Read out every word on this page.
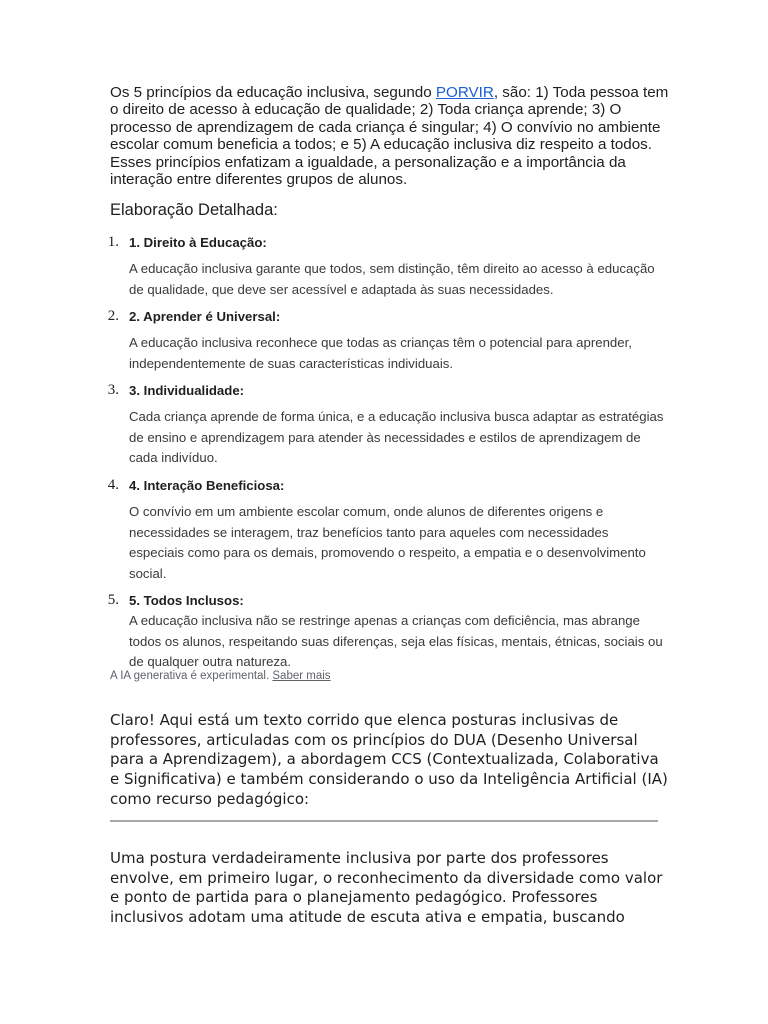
Os 5 princípios da educação inclusiva, segundo PORVIR, são: 1) Toda pessoa tem o direito de acesso à educação de qualidade; 2) Toda criança aprende; 3) O processo de aprendizagem de cada criança é singular; 4) O convívio no ambiente escolar comum beneficia a todos; e 5) A educação inclusiva diz respeito a todos. Esses princípios enfatizam a igualdade, a personalização e a importância da interação entre diferentes grupos de alunos.

Elaboração Detalhada:
1. 1. Direito à Educação:

A educação inclusiva garante que todos, sem distinção, têm direito ao acesso à educação de qualidade, que deve ser acessível e adaptada às suas necessidades.

2. 2. Aprender é Universal:

A educação inclusiva reconhece que todas as crianças têm o potencial para aprender, independentemente de suas características individuais.

3. 3. Individualidade:

Cada criança aprende de forma única, e a educação inclusiva busca adaptar as estratégias de ensino e aprendizagem para atender às necessidades e estilos de aprendizagem de cada indivíduo.

4. 4. Interação Beneficiosa:

O convívio em um ambiente escolar comum, onde alunos de diferentes origens e necessidades se interagem, traz benefícios tanto para aqueles com necessidades especiais como para os demais, promovendo o respeito, a empatia e o desenvolvimento social.

5. 5. Todos Inclusos:

A educação inclusiva não se restringe apenas a crianças com deficiência, mas abrange todos os alunos, respeitando suas diferenças, seja elas físicas, mentais, étnicas, sociais ou de qualquer outra natureza.

A IA generativa é experimental. Saber mais

Claro! Aqui está um texto corrido que elenca posturas inclusivas de professores, articuladas com os princípios do DUA (Desenho Universal para a Aprendizagem), a abordagem CCS (Contextualizada, Colaborativa e Significativa) e também considerando o uso da Inteligência Artificial (IA) como recurso pedagógico:

Uma postura verdadeiramente inclusiva por parte dos professores envolve, em primeiro lugar, o reconhecimento da diversidade como valor e ponto de partida para o planejamento pedagógico. Professores inclusivos adotam uma atitude de escuta ativa e empatia, buscando
